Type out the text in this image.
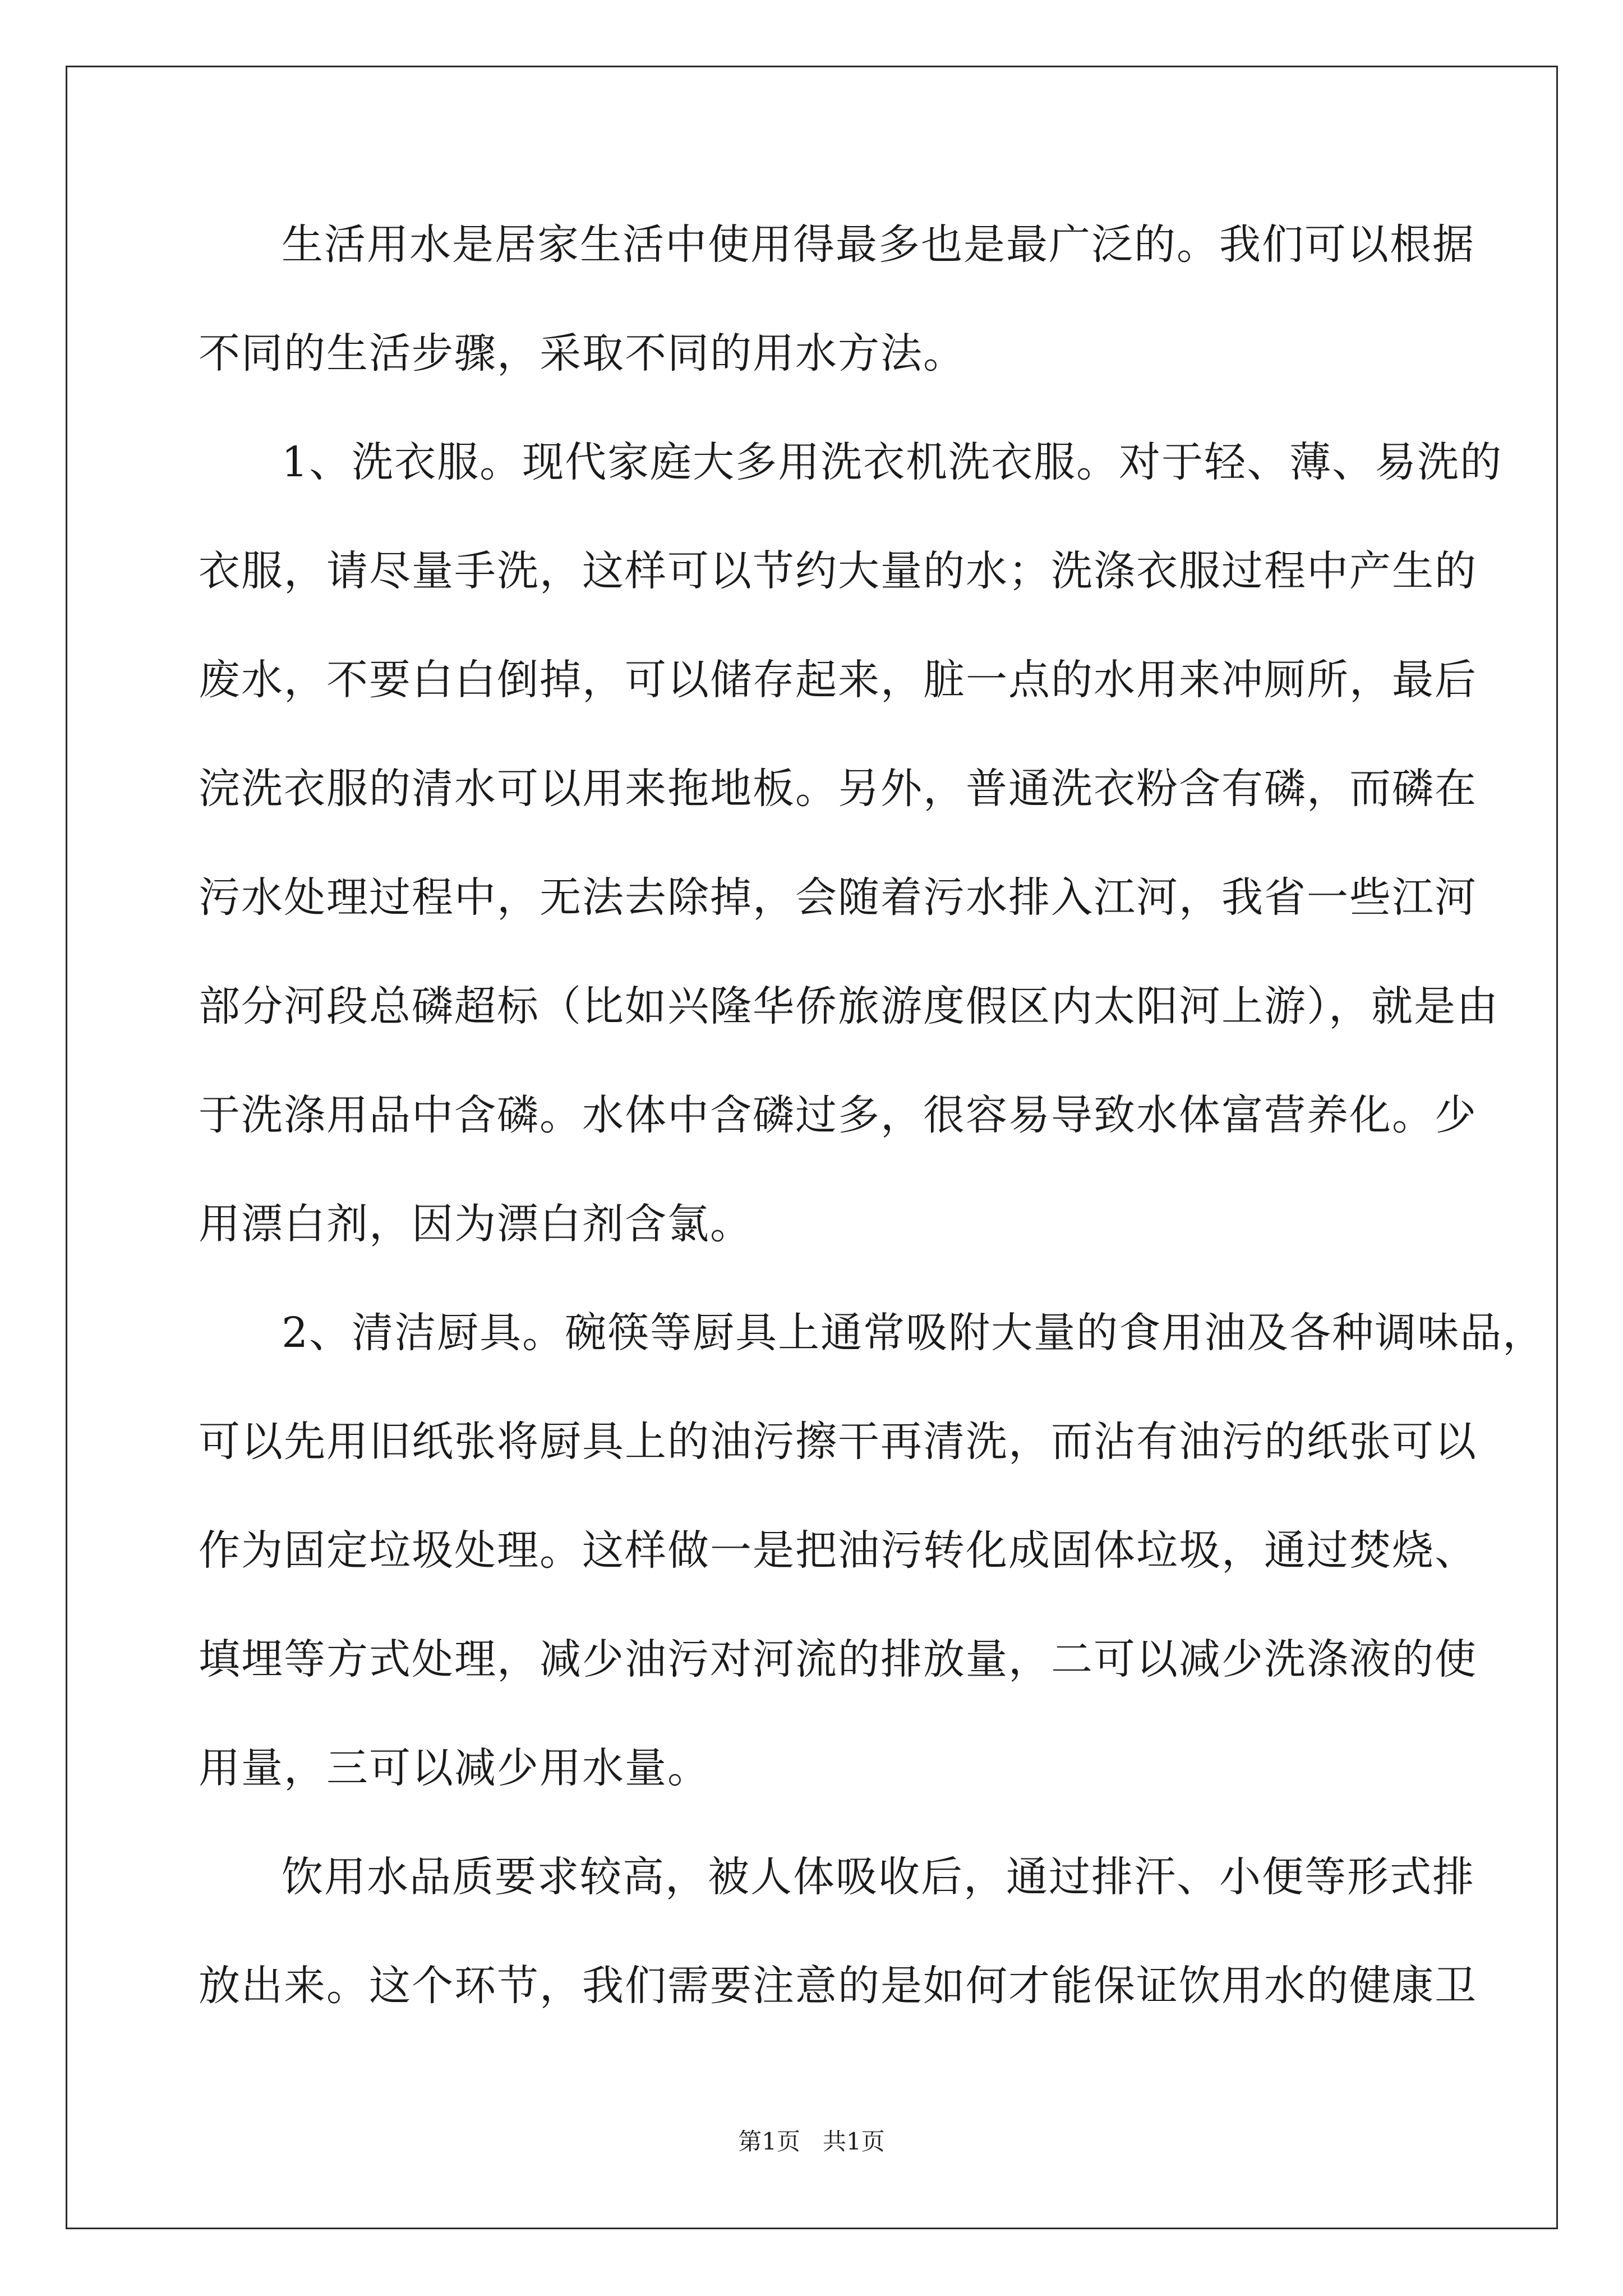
生活用水是居家生活中使用得最多也是最广泛的。我们可以根据
不同的生活步骤，采取不同的用水方法。
1、洗衣服。现代家庭大多用洗衣机洗衣服。对于轻、薄、易洗的
衣服，请尽量手洗，这样可以节约大量的水；洗涤衣服过程中产生的
废水，不要白白倒掉，可以储存起来，脏一点的水用来冲厕所，最后
浣洗衣服的清水可以用来拖地板。另外，普通洗衣粉含有磷，而磷在
污水处理过程中，无法去除掉，会随着污水排入江河，我省一些江河
部分河段总磷超标（比如兴隆华侨旅游度假区内太阳河上游），就是由
于洗涤用品中含磷。水体中含磷过多，很容易导致水体富营养化。少
用漂白剂，因为漂白剂含氯。
2、清洁厨具。碗筷等厨具上通常吸附大量的食用油及各种调味品，
可以先用旧纸张将厨具上的油污擦干再清洗，而沾有油污的纸张可以
作为固定垃圾处理。这样做一是把油污转化成固体垃圾，通过焚烧、
填埋等方式处理，减少油污对河流的排放量，二可以减少洗涤液的使
用量，三可以减少用水量。
饮用水品质要求较高，被人体吸收后，通过排汗、小便等形式排
放出来。这个环节，我们需要注意的是如何才能保证饮用水的健康卫
第1页 共1页
